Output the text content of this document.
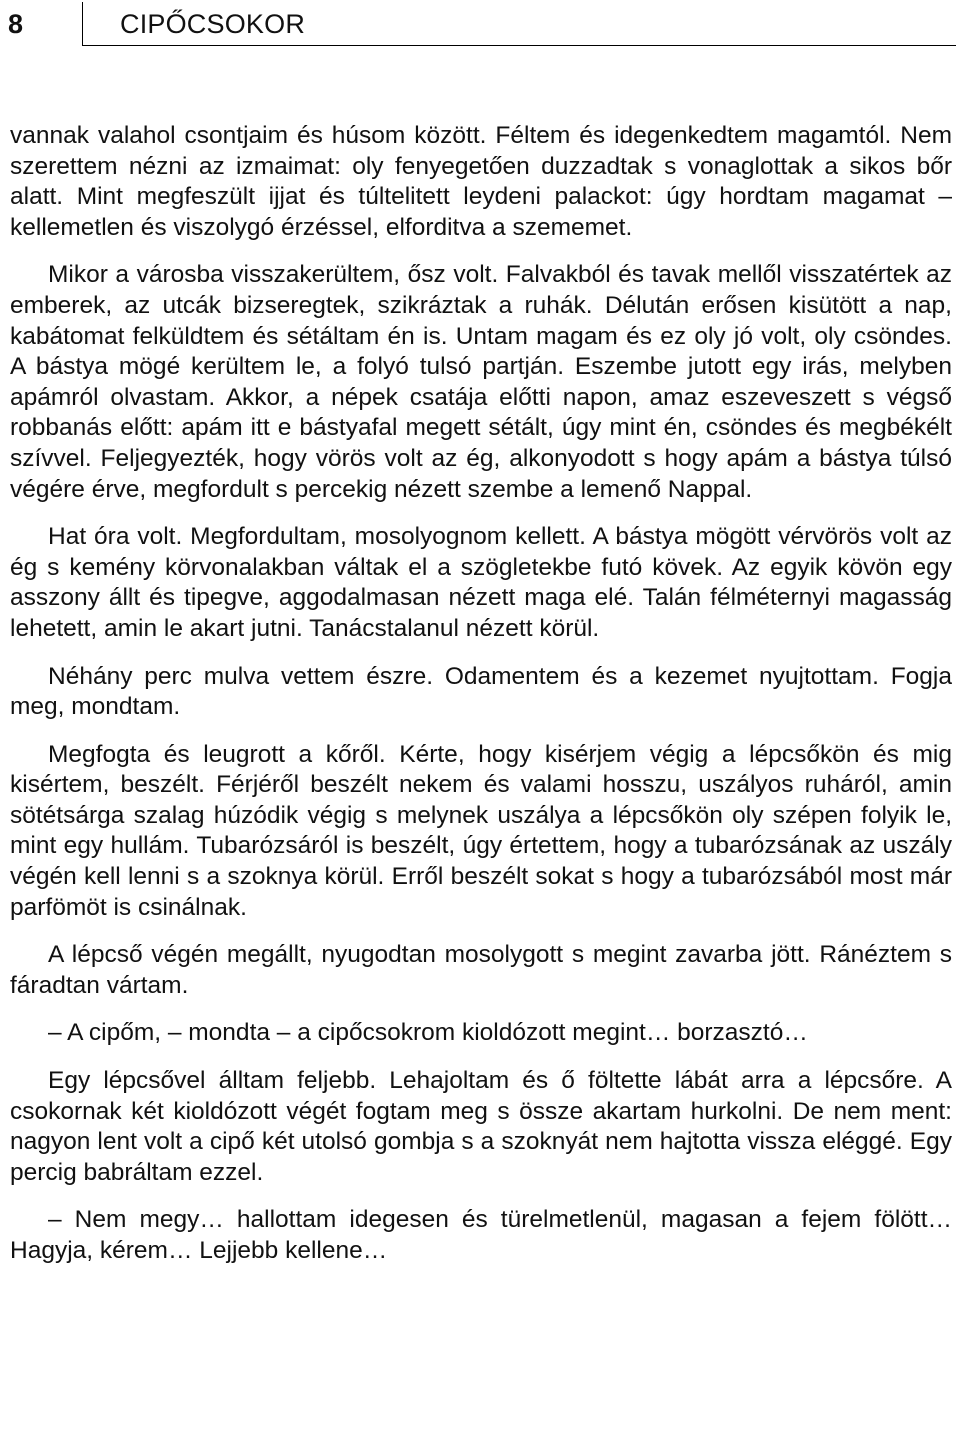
8	CIPŐCSOKOR

vannak valahol csontjaim és húsom között. Féltem és idegenkedtem magamtól. Nem szerettem nézni az izmaimat: oly fenyegetően duzzadtak s vonaglottak a sikos bőr alatt. Mint megfeszült ijjat és túltelitett leydeni palackot: úgy hordtam magamat – kellemetlen és viszolygó érzéssel, elforditva a szememet.

Mikor a városba visszakerültem, ősz volt. Falvakból és tavak mellől visszatértek az emberek, az utcák bizseregtek, szikráztak a ruhák. Délután erősen kisütött a nap, kabátomat felküldtem és sétáltam én is. Untam magam és ez oly jó volt, oly csöndes. A bástya mögé kerültem le, a folyó tulsó partján. Eszembe jutott egy irás, melyben apámról olvastam. Akkor, a népek csatája előtti napon, amaz eszeveszett s végső robbanás előtt: apám itt e bástyafal megett sétált, úgy mint én, csöndes és megbékélt szívvel. Feljegyezték, hogy vörös volt az ég, alkonyodott s hogy apám a bástya túlsó végére érve, megfordult s percekig nézett szembe a lemenő Nappal.

Hat óra volt. Megfordultam, mosolyognom kellett. A bástya mögött vérvörös volt az ég s kemény körvonalakban váltak el a szögletekbe futó kövek. Az egyik kövön egy asszony állt és tipegve, aggodalmasan nézett maga elé. Talán félméternyi magasság lehetett, amin le akart jutni. Tanácstalanul nézett körül.

Néhány perc mulva vettem észre. Odamentem és a kezemet nyujtottam. Fogja meg, mondtam.

Megfogta és leugrott a kőről. Kérte, hogy kisérjem végig a lépcsőkön és mig kisértem, beszélt. Férjéről beszélt nekem és valami hosszu, uszályos ruháról, amin sötétsárga szalag húzódik végig s melynek uszálya a lépcsőkön oly szépen folyik le, mint egy hullám. Tubarózsáról is beszélt, úgy értettem, hogy a tubarózsának az uszály végén kell lenni s a szoknya körül. Erről beszélt sokat s hogy a tubarózsából most már parfömöt is csinálnak.

A lépcső végén megállt, nyugodtan mosolygott s megint zavarba jött. Ránéztem s fáradtan vártam.

– A cipőm, – mondta – a cipőcsokrom kioldózott megint… borzasztó…

Egy lépcsővel álltam feljebb. Lehajoltam és ő föltette lábát arra a lépcsőre. A csokornak két kioldózott végét fogtam meg s össze akartam hurkolni. De nem ment: nagyon lent volt a cipő két utolsó gombja s a szoknyát nem hajtotta vissza eléggé. Egy percig babráltam ezzel.

– Nem megy… hallottam idegesen és türelmetlenül, magasan a fejem fölött… Hagyja, kérem… Lejjebb kellene…
